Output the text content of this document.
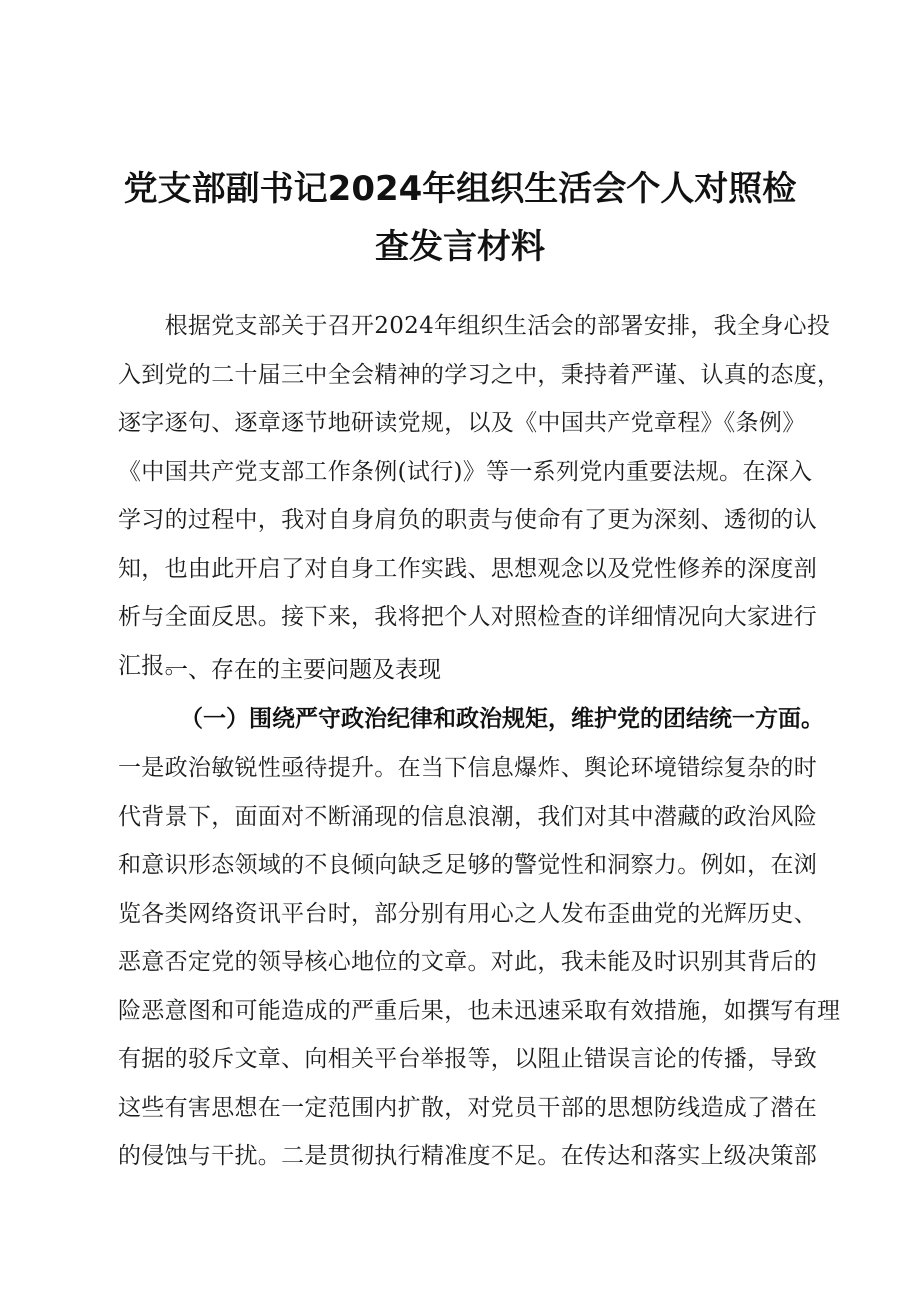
党支部副书记2024年组织生活会个人对照检
查发言材料
　　根据党支部关于召开2024年组织生活会的部署安排，我全身心投
入到党的二十届三中全会精神的学习之中，秉持着严谨、认真的态度，
逐字逐句、逐章逐节地研读党规，以及《中国共产党章程》《条例》
《中国共产党支部工作条例(试行)》等一系列党内重要法规。在深入
学习的过程中，我对自身肩负的职责与使命有了更为深刻、透彻的认
知，也由此开启了对自身工作实践、思想观念以及党性修养的深度剖
析与全面反思。接下来，我将把个人对照检查的详细情况向大家进行
汇报。
一、存在的主要问题及表现
（一）围绕严守政治纪律和政治规矩，维护党的团结统一方面。
一是政治敏锐性亟待提升。在当下信息爆炸、舆论环境错综复杂的时
代背景下，面面对不断涌现的信息浪潮，我们对其中潜藏的政治风险
和意识形态领域的不良倾向缺乏足够的警觉性和洞察力。例如，在浏
览各类网络资讯平台时，部分别有用心之人发布歪曲党的光辉历史、
恶意否定党的领导核心地位的文章。对此，我未能及时识别其背后的
险恶意图和可能造成的严重后果，也未迅速采取有效措施，如撰写有理
有据的驳斥文章、向相关平台举报等，以阻止错误言论的传播，导致
这些有害思想在一定范围内扩散，对党员干部的思想防线造成了潜在
的侵蚀与干扰。二是贯彻执行精准度不足。在传达和落实上级决策部
